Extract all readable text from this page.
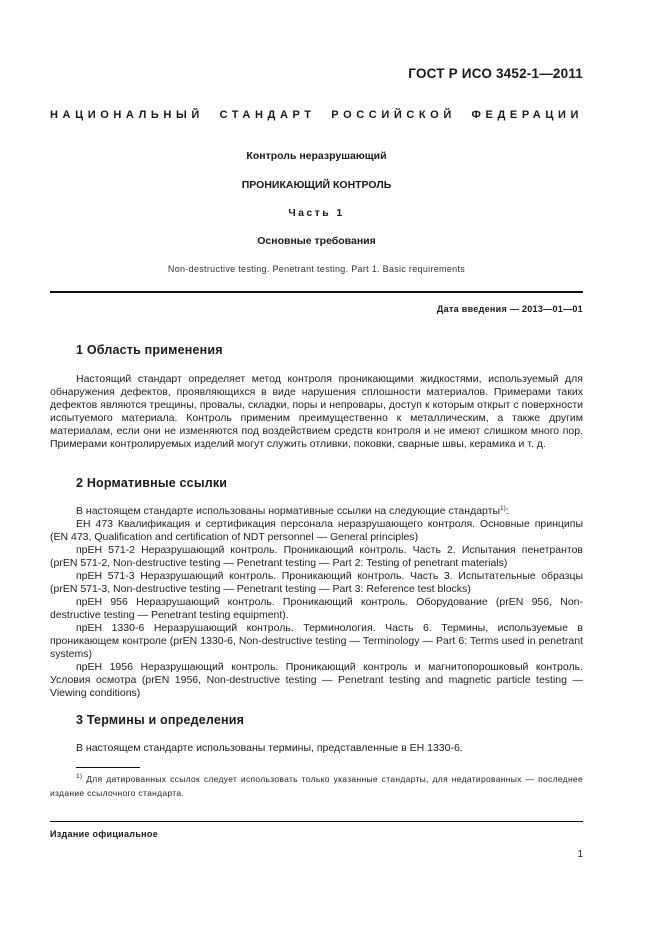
ГОСТ Р ИСО 3452-1—2011
НАЦИОНАЛЬНЫЙ СТАНДАРТ РОССИЙСКОЙ ФЕДЕРАЦИИ
Контроль неразрушающий
ПРОНИКАЮЩИЙ КОНТРОЛЬ
Часть 1
Основные требования
Non-destructive testing. Penetrant testing. Part 1. Basic requirements
Дата введения — 2013—01—01
1 Область применения

Настоящий стандарт определяет метод контроля проникающими жидкостями, используемый для обнаружения дефектов, проявляющихся в виде нарушения сплошности материалов. Примерами таких дефектов являются трещины, провалы, складки, поры и непровары, доступ к которым открыт с поверхности испытуемого материала. Контроль применим преимущественно к металлическим, а также другим материалам, если они не изменяются под воздействием средств контроля и не имеют слишком много пор. Примерами контролируемых изделий могут служить отливки, поковки, сварные швы, керамика и т. д.

2 Нормативные ссылки

В настоящем стандарте использованы нормативные ссылки на следующие стандарты$^{1)}$:

ЕН 473 Квалификация и сертификация персонала неразрушающего контроля. Основные принципы (EN 473, Qualification and certification of NDT personnel — General principles)

прЕН 571-2 Неразрушающий контроль. Проникающий контроль. Часть 2. Испытания пенетрантов (prEN 571-2, Non-destructive testing — Penetrant testing — Part 2: Testing of penetrant materials)

прЕН 571-3 Неразрушающий контроль. Проникающий контроль. Часть 3. Испытательные образцы (prEN 571-3, Non-destructive testing — Penetrant testing — Part 3: Reference test blocks)

прЕН 956 Неразрушающий контроль. Проникающий контроль. Оборудование (prEN 956, Non-destructive testing — Penetrant testing equipment).

прЕН 1330-6 Неразрушающий контроль. Терминология. Часть 6. Термины, используемые в проникающем контроле (prEN 1330-6, Non-destructive testing — Terminology — Part 6: Terms used in penetrant systems)

прЕН 1956 Неразрушающий контроль. Проникающий контроль и магнитопорошковый контроль. Условия осмотра (prEN 1956, Non-destructive testing — Penetrant testing and magnetic particle testing — Viewing conditions)

3 Термины и определения

В настоящем стандарте использованы термины, представленные в ЕН 1330-6.

$^{1)}$ Для датированных ссылок следует использовать только указанные стандарты, для недатированных — последнее издание ссылочного стандарта.

Издание официальное
1
